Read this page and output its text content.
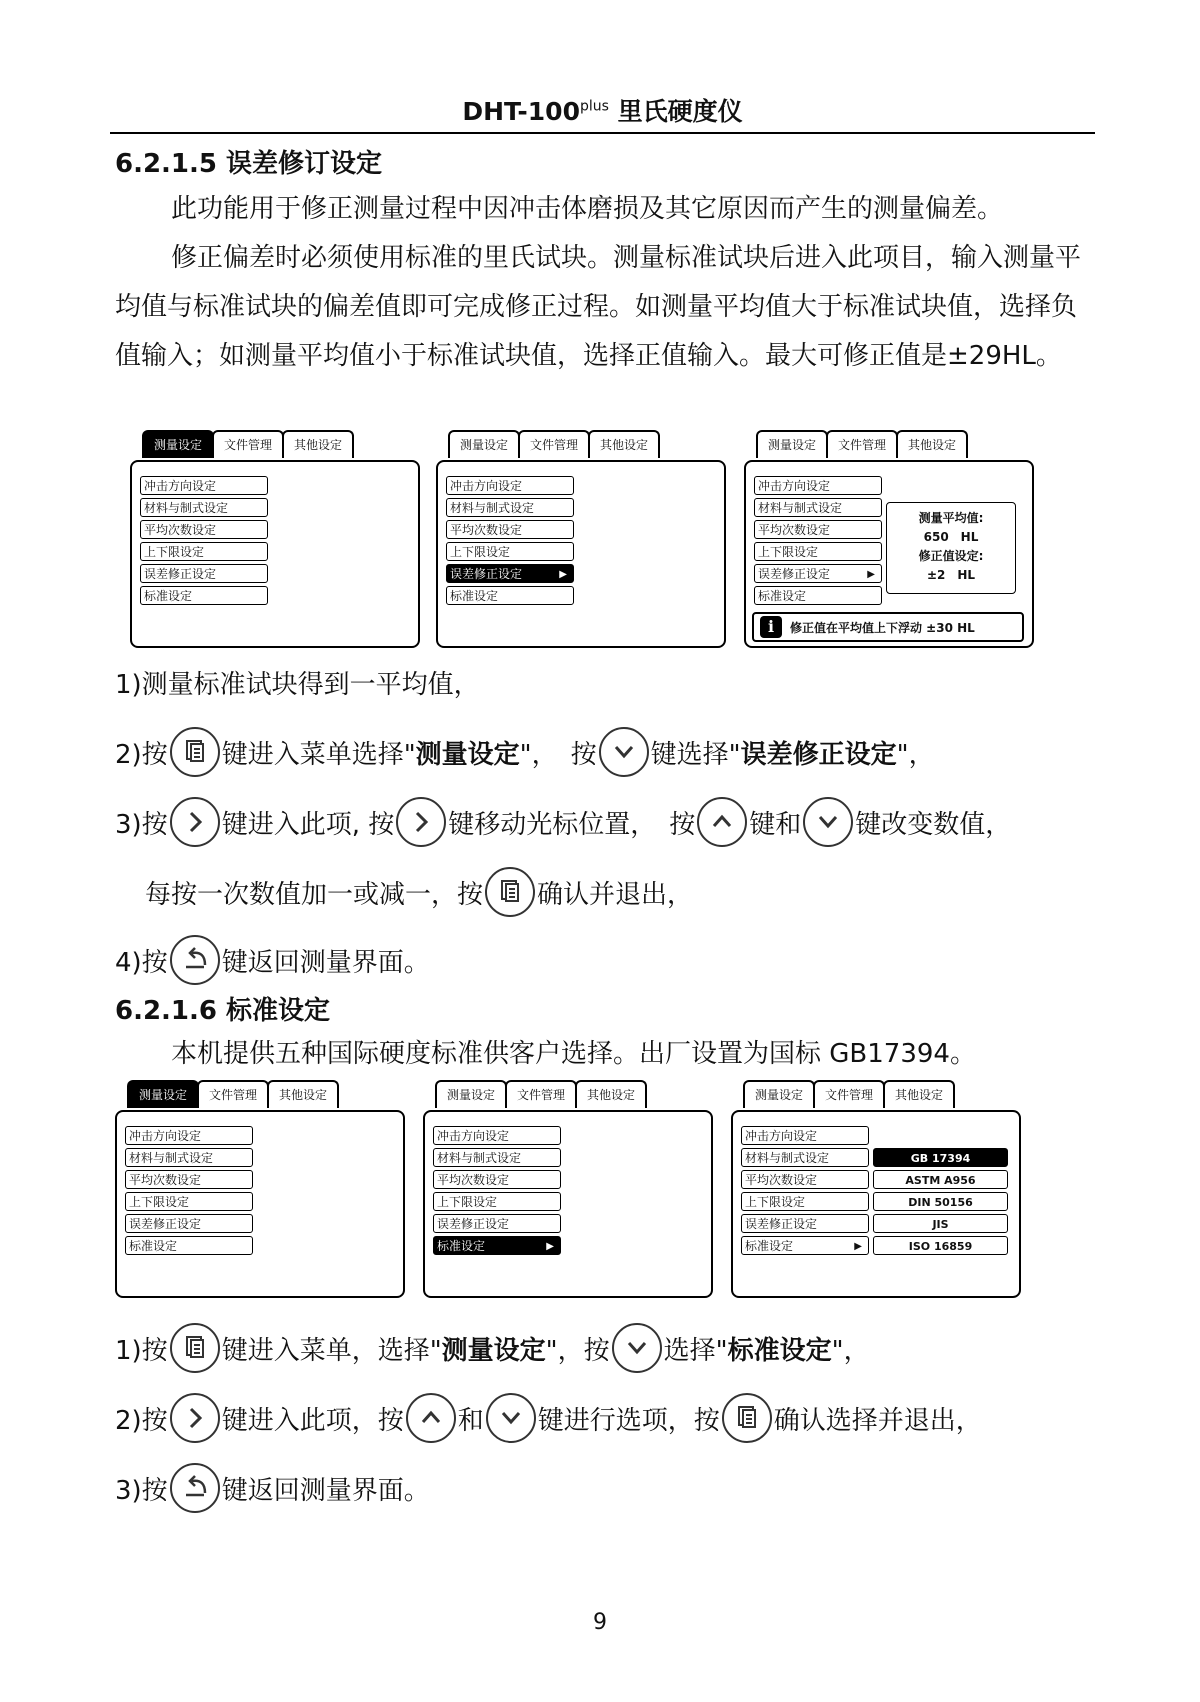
DHT-$100^{plus}$ 里氏硬度仪
6.2.1.5 误差修订设定
此功能用于修正测量过程中因冲击体磨损及其它原因而产生的测量偏差。
修正偏差时必须使用标准的里氏试块。测量标准试块后进入此项目，输入测量平均值与标准试块的偏差值即可完成修正过程。如测量平均值大于标准试块值，选择负值输入；如测量平均值小于标准试块值，选择正值输入。最大可修正值是±29HL。
冲击方向设定
材料与制式设定
平均次数设定
上下限设定
误差修正设定
标准设定
测量设定	文件管理	其他设定
冲击方向设定
材料与制式设定
平均次数设定
上下限设定
误差修正设定	▶
标准设定
测量设定	文件管理	其他设定
冲击方向设定
材料与制式设定
平均次数设定
上下限设定
误差修正设定	▶
标准设定
测量平均值:
650　HL
修正值设定:
±2　HL
i	修正值在平均值上下浮动 ±30 HL
测量设定	文件管理	其他设定
1)测量标准试块得到一平均值，
2)按 键进入菜单选择" 测量设定 "，　按 键选择" 误差修正设定 "，
3)按 键进入此项, 按 键移动光标位置，　按 键和 键改变数值，
每按一次数值加一或减一，按 确认并退出，
4)按 键返回测量界面。
6.2.1.6 标准设定
本机提供五种国际硬度标准供客户选择。出厂设置为国标 GB17394。
冲击方向设定
材料与制式设定
平均次数设定
上下限设定
误差修正设定
标准设定
测量设定	文件管理	其他设定
冲击方向设定
材料与制式设定
平均次数设定
上下限设定
误差修正设定
标准设定	▶
测量设定	文件管理	其他设定
冲击方向设定
材料与制式设定
平均次数设定
上下限设定
误差修正设定
标准设定	▶
GB 17394
ASTM A956
DIN 50156
JIS
ISO 16859
测量设定	文件管理	其他设定
1)按 键进入菜单，选择" 测量设定 "，按 选择" 标准设定 "，
2)按 键进入此项，按 和 键进行选项，按 确认选择并退出，
3)按 键返回测量界面。
9
